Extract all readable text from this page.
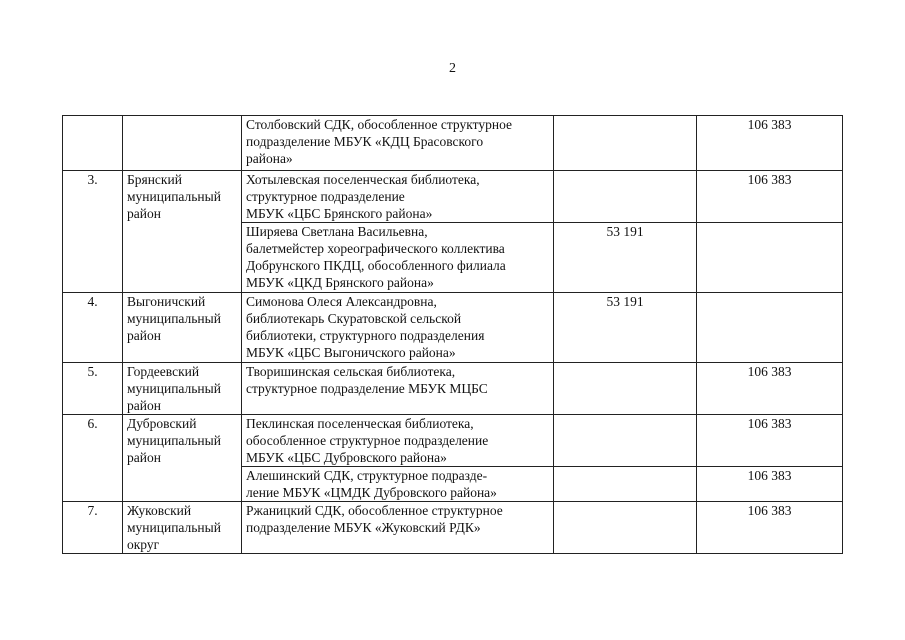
2
		Столбовский СДК, обособленное структурное
подразделение МБУК «КДЦ Брасовского
района»		106 383
3.	Брянский
муниципальный
район	Хотылевская поселенческая библиотека,
структурное подразделение
МБУК «ЦБС Брянского района»		106 383
		Ширяева Светлана Васильевна,
балетмейстер хореографического коллектива
Добрунского ПКДЦ, обособленного филиала
МБУК «ЦКД Брянского района»	53 191	
4.	Выгоничский
муниципальный
район	Симонова Олеся Александровна,
библиотекарь Скуратовской сельской
библиотеки, структурного подразделения
МБУК «ЦБС Выгоничского района»	53 191	
5.	Гордеевский
муниципальный
район	Творишинская сельская библиотека,
структурное подразделение МБУК МЦБС		106 383
6.	Дубровский
муниципальный
район	Пеклинская поселенческая библиотека,
обособленное структурное подразделение
МБУК «ЦБС Дубровского района»		106 383
		Алешинский СДК, структурное подразде-
ление МБУК «ЦМДК Дубровского района»		106 383
7.	Жуковский
муниципальный
округ	Ржаницкий СДК, обособленное структурное
подразделение МБУК «Жуковский РДК»		106 383
